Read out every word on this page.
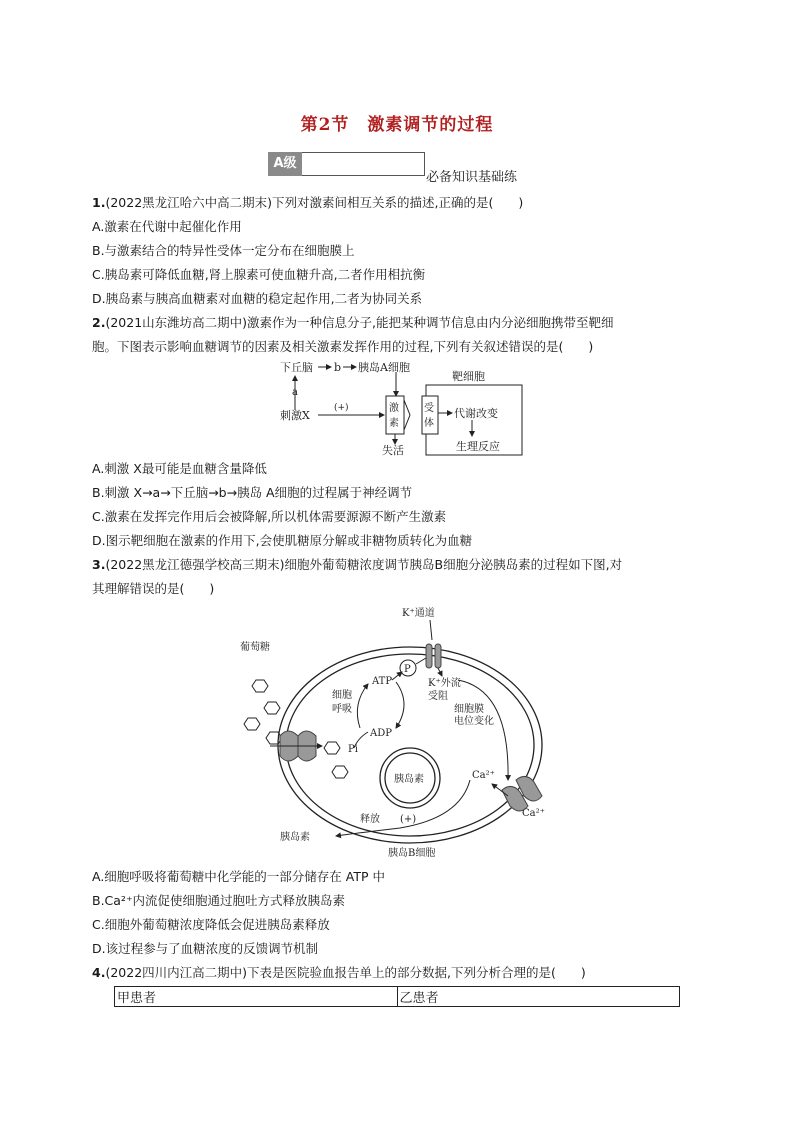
第2节　激素调节的过程
A级
必备知识基础练
1.(2022黑龙江哈六中高二期末)下列对激素间相互关系的描述,正确的是(　　)
A.激素在代谢中起催化作用
B.与激素结合的特异性受体一定分布在细胞膜上
C.胰岛素可降低血糖,肾上腺素可使血糖升高,二者作用相抗衡
D.胰岛素与胰高血糖素对血糖的稳定起作用,二者为协同关系
2.(2021山东潍坊高二期中)激素作为一种信息分子,能把某种调节信息由内分泌细胞携带至靶细
胞。下图表示影响血糖调节的因素及相关激素发挥作用的过程,下列有关叙述错误的是(　　)
下丘脑 b 胰岛A细胞
a
刺激X
(+)	激
素
失活
靶细胞
受
体
代谢改变
生理反应
A.刺激 X最可能是血糖含量降低
B.刺激 X→a→下丘脑→b→胰岛 A细胞的过程属于神经调节
C.激素在发挥完作用后会被降解,所以机体需要源源不断产生激素
D.图示靶细胞在激素的作用下,会使肌糖原分解或非糖物质转化为血糖
3.(2022黑龙江德强学校高三期末)细胞外葡萄糖浓度调节胰岛B细胞分泌胰岛素的过程如下图,对
其理解错误的是(　　)
K⁺通道
P
K⁺外流
受阻
葡萄糖
细胞
呼吸
ATP
ADP
Pi
细胞膜
电位变化
Ca²⁺
Ca²⁺
胰岛素
释放 (+)
胰岛素
胰岛B细胞
A.细胞呼吸将葡萄糖中化学能的一部分储存在 ATP 中
B.Ca²⁺内流促使细胞通过胞吐方式释放胰岛素
C.细胞外葡萄糖浓度降低会促进胰岛素释放
D.该过程参与了血糖浓度的反馈调节机制
4.(2022四川内江高二期中)下表是医院验血报告单上的部分数据,下列分析合理的是(　　)
甲患者	乙患者
